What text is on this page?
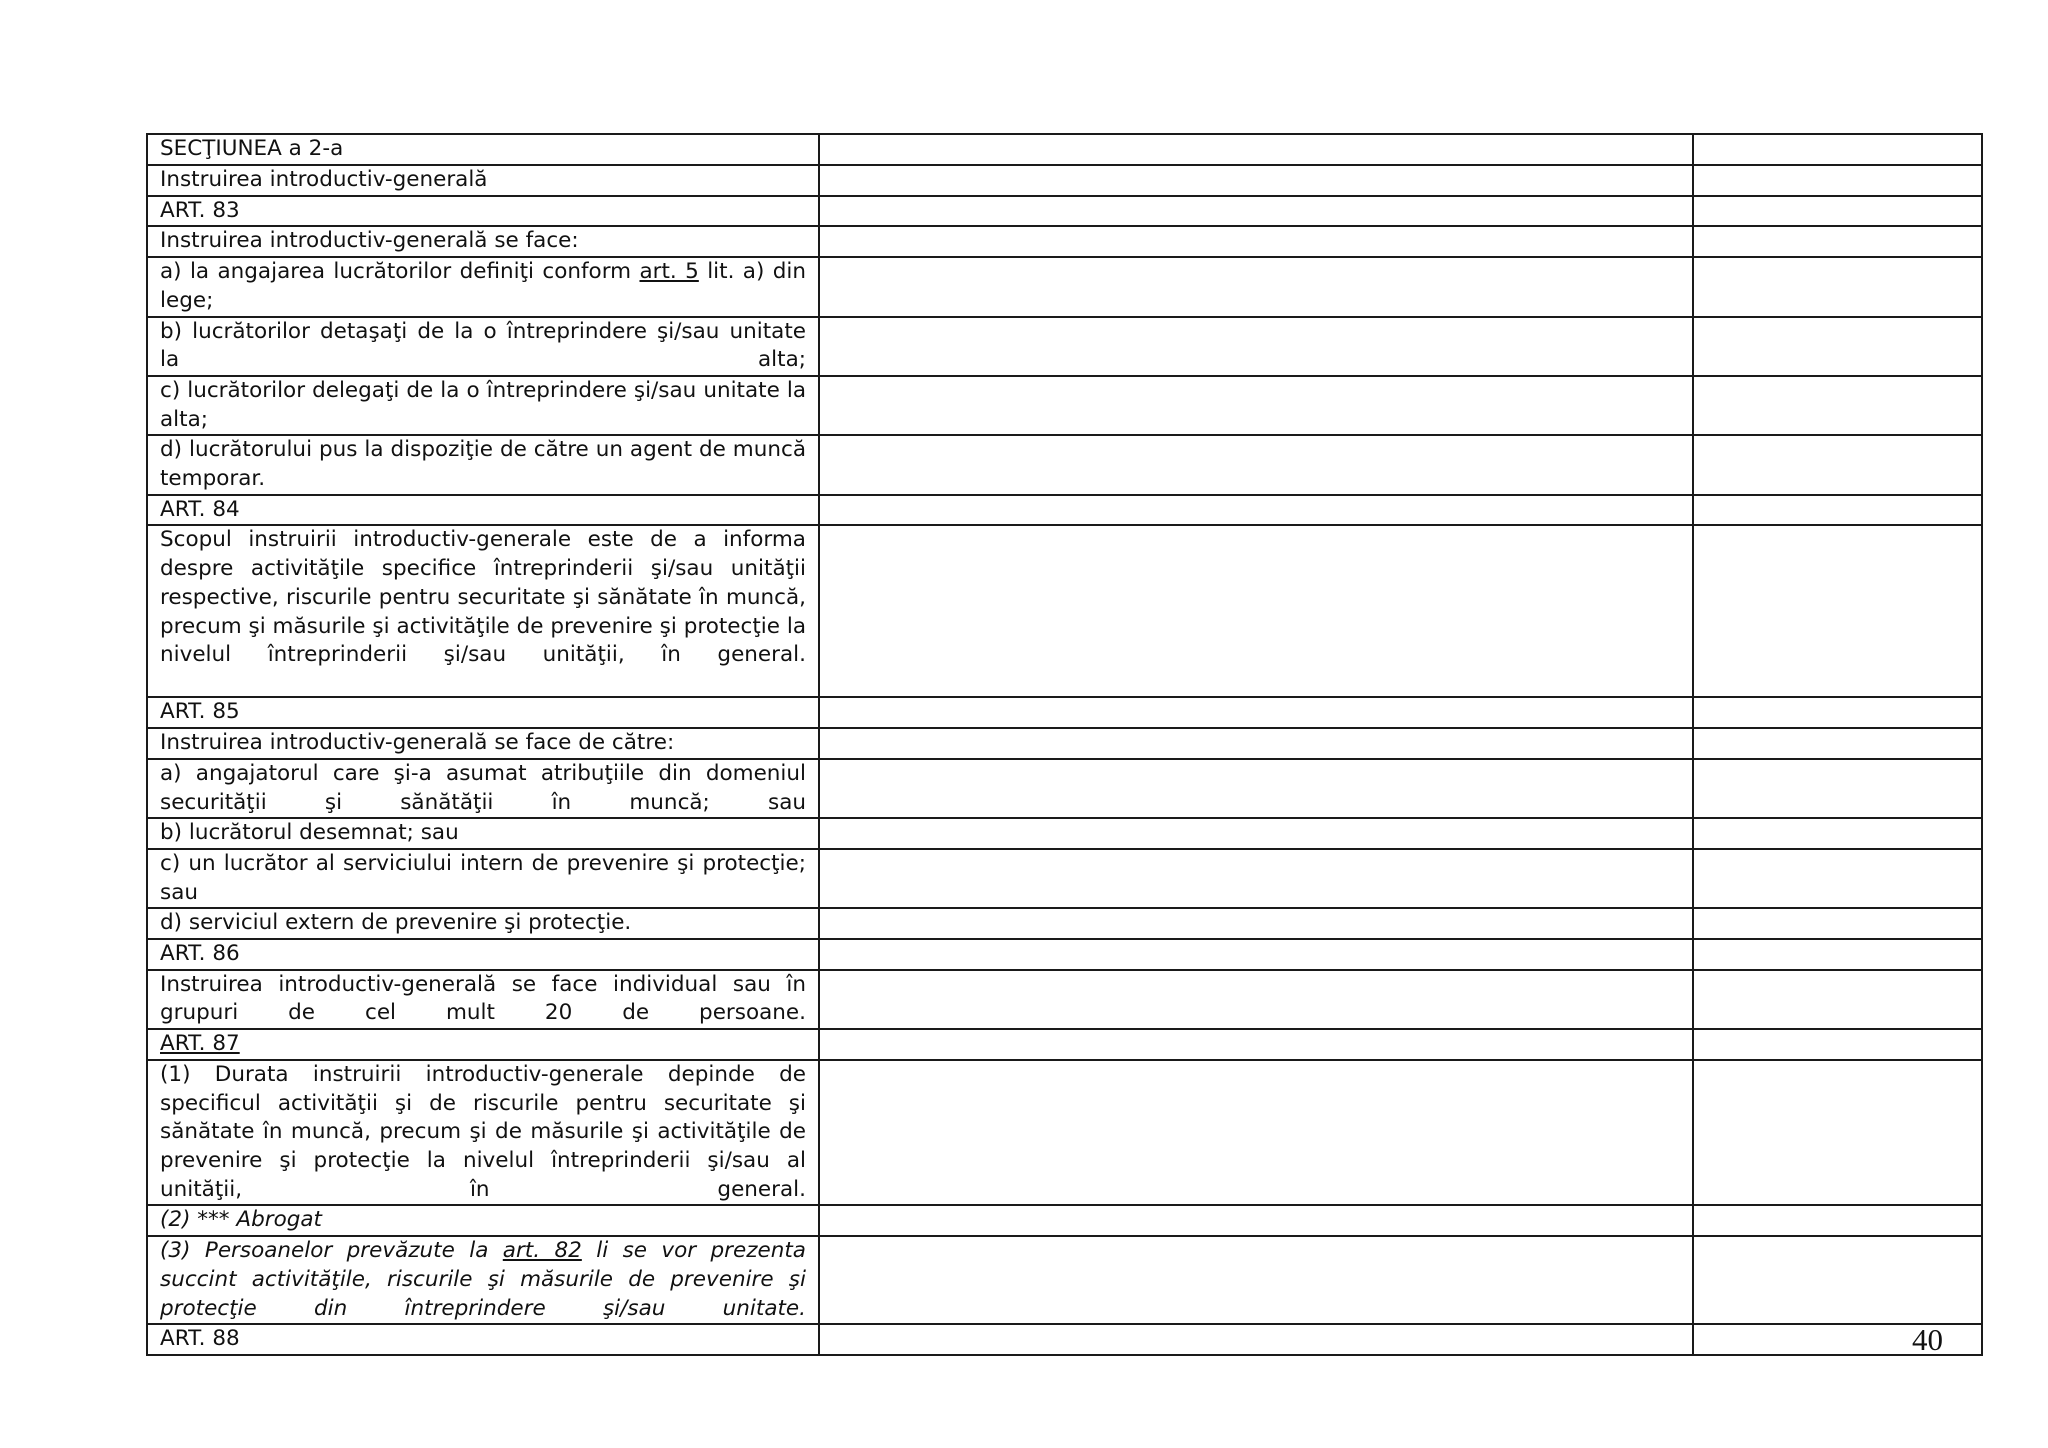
SECŢIUNEA a 2-a		
Instruirea introductiv-generală		
ART. 83		
Instruirea introductiv-generală se face:		
a) la angajarea lucrătorilor definiţi conform art. 5 lit. a) din lege;		
b) lucrătorilor detaşaţi de la o întreprindere şi/sau unitate la alta;		
c) lucrătorilor delegaţi de la o întreprindere şi/sau unitate la alta;		
d) lucrătorului pus la dispoziţie de către un agent de muncă temporar.		
ART. 84		
Scopul instruirii introductiv-generale este de a informa despre activităţile specifice întreprinderii şi/sau unităţii respective, riscurile pentru securitate şi sănătate în muncă, precum şi măsurile şi activităţile de prevenire şi protecţie la nivelul întreprinderii şi/sau unităţii, în general.		
ART. 85		
Instruirea introductiv-generală se face de către:		
a) angajatorul care şi-a asumat atribuţiile din domeniul securităţii şi sănătăţii în muncă; sau		
b) lucrătorul desemnat; sau		
c) un lucrător al serviciului intern de prevenire şi protecţie; sau		
d) serviciul extern de prevenire şi protecţie.		
ART. 86		
Instruirea introductiv-generală se face individual sau în grupuri de cel mult 20 de persoane.		
ART. 87		
(1) Durata instruirii introductiv-generale depinde de specificul activităţii şi de riscurile pentru securitate şi sănătate în muncă, precum şi de măsurile şi activităţile de prevenire şi protecţie la nivelul întreprinderii şi/sau al unităţii, în general.		
(2) *** Abrogat		
(3) Persoanelor prevăzute la art. 82 li se vor prezenta succint activităţile, riscurile şi măsurile de prevenire şi protecţie din întreprindere şi/sau unitate.		
ART. 88			40
